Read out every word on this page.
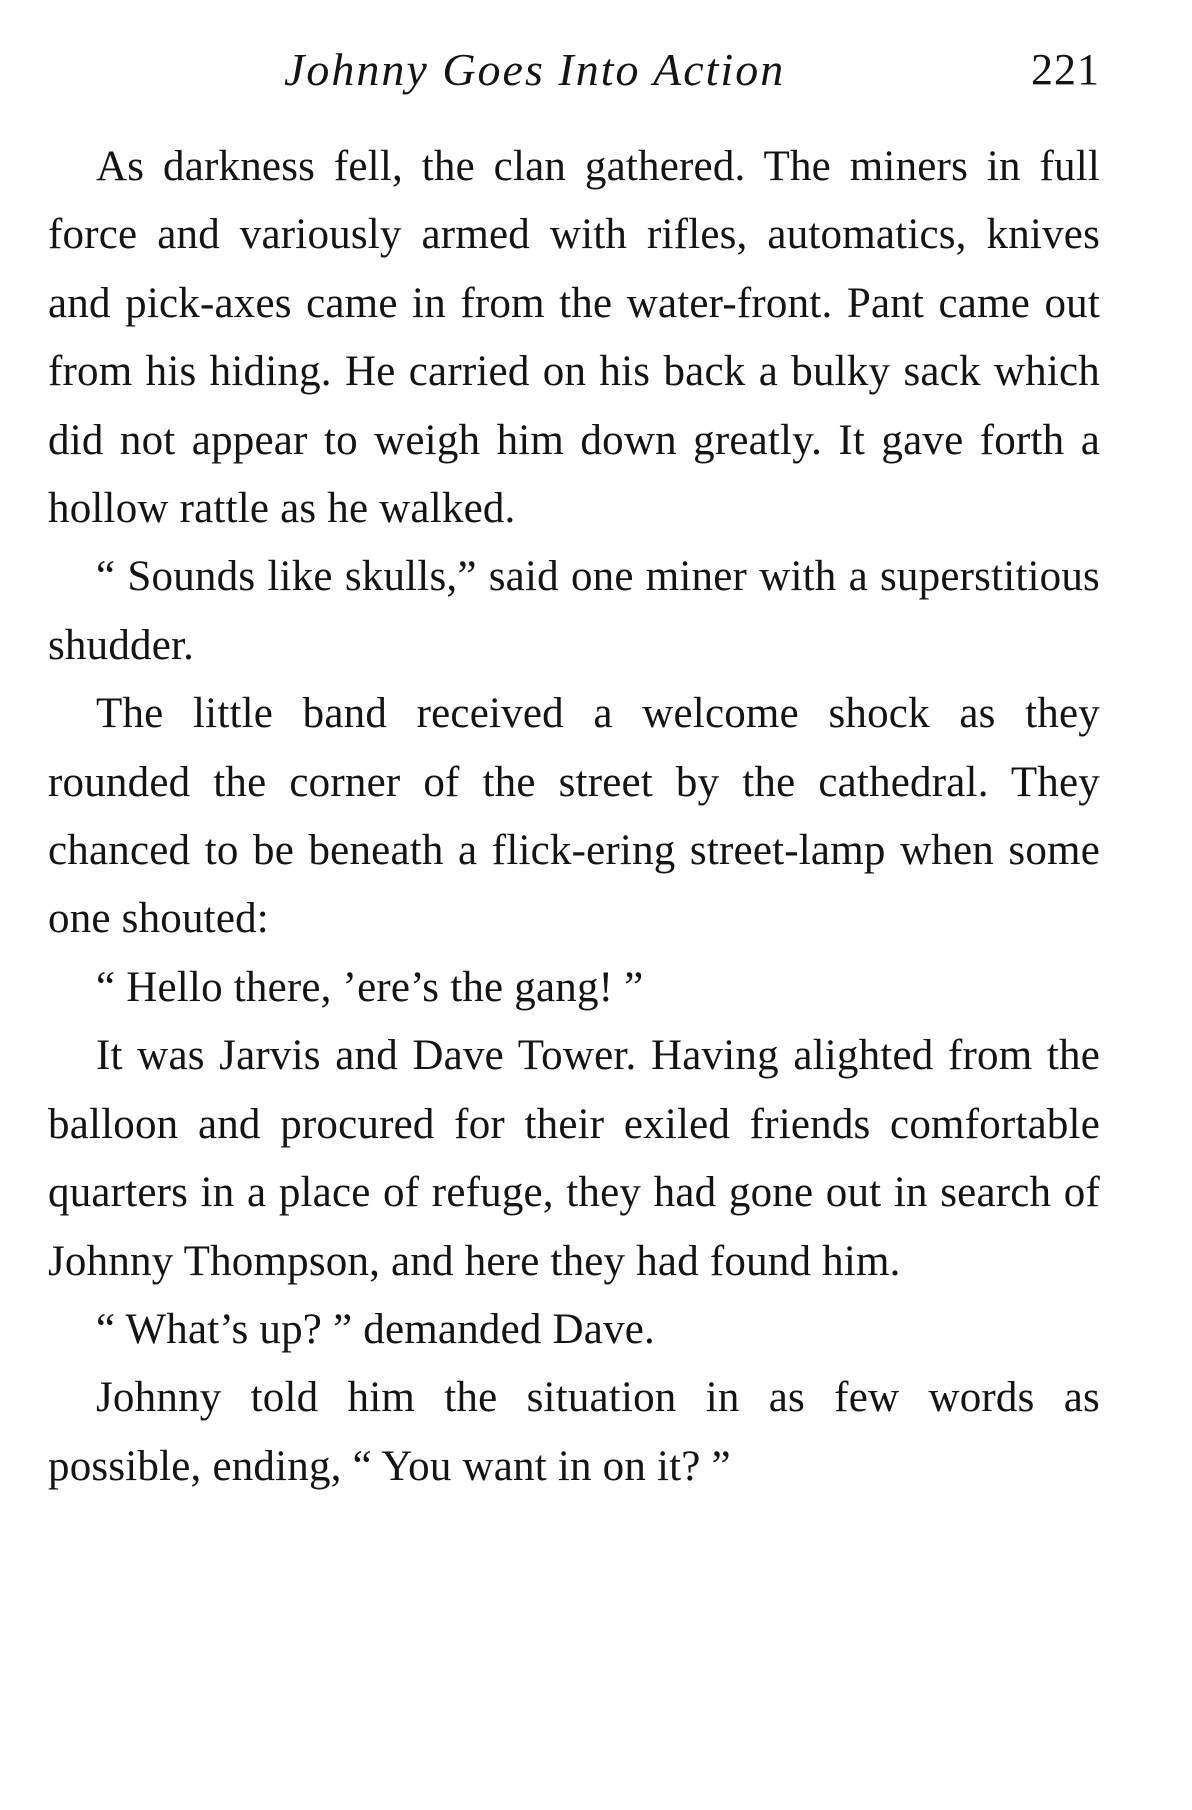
Johnny Goes Into Action	221

As darkness fell, the clan gathered. The miners in full force and variously armed with rifles, automatics, knives and pick-axes came in from the water-front. Pant came out from his hiding. He carried on his back a bulky sack which did not appear to weigh him down greatly. It gave forth a hollow rattle as he walked.

“ Sounds like skulls,” said one miner with a superstitious shudder.

The little band received a welcome shock as they rounded the corner of the street by the cathedral. They chanced to be beneath a flick-ering street-lamp when some one shouted:

“ Hello there, ’ere’s the gang! ”

It was Jarvis and Dave Tower. Having alighted from the balloon and procured for their exiled friends comfortable quarters in a place of refuge, they had gone out in search of Johnny Thompson, and here they had found him.

“ What’s up? ” demanded Dave.

Johnny told him the situation in as few words as possible, ending, “ You want in on it? ”
